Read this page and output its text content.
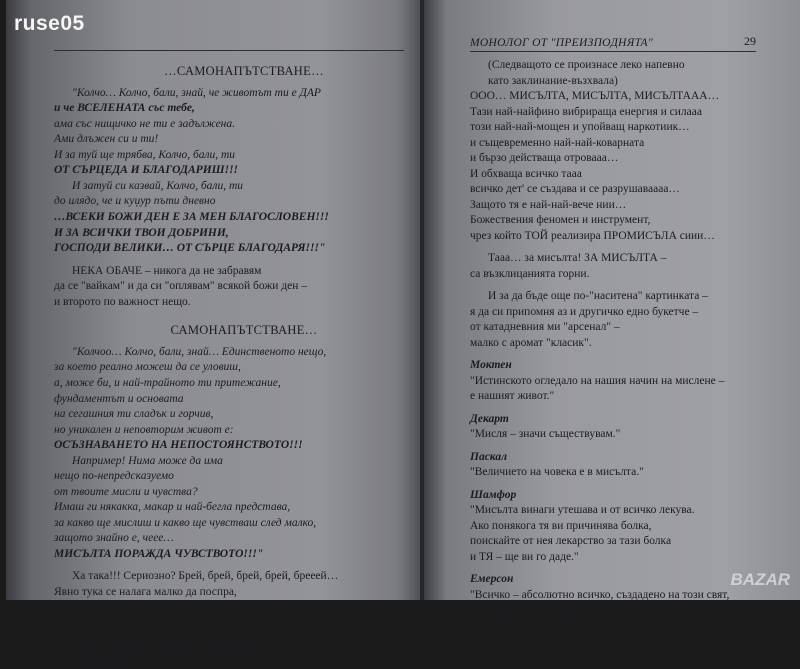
…САМОНАПЪТСТВАНЕ…

"Колчо… Колчо, бали, знай, че животът ти е ДАР

и че ВСЕЛЕНАТА със тебе,

ама със нищичко не ти е задължена.

Ами длъжен си и ти!

И за туй ще трябва, Колчо, бали, ти

ОТ СЪРЦЕДА И БЛАГОДАРИШ!!!

И затуй си казвай, Колчо, бали, ти

до илядо, че и куџур пъти дневно

…ВСЕКИ БОЖИ ДЕН Е ЗА МЕН БЛАГОСЛОВЕН!!!

И ЗА ВСИЧКИ ТВОИ ДОБРИНИ,

ГОСПОДИ ВЕЛИКИ… ОТ СЪРЦЕ БЛАГОДАРЯ!!!"

НЕКА ОБАЧЕ – никога да не забравям

да се "вайкам" и да си "оплявам" всякой божи ден –

и второто по важност нещо.

САМОНАПЪТСТВАНЕ…

"Колчоо… Колчо, бали, знай… Единственото нещо,

за което реално можеш да се уловиш,

а, може би, и най-трайното ти притежание,

фундаментът и основата

на сегашния ти сладък и горчив,

но уникален и неповторим живот е:

ОСЪЗНАВАНЕТО НА НЕПОСТОЯНСТВОТО!!!

Например! Нима може да има

нещо по-непредсказуемо

от твоите мисли и чувства?

Имаш ги някакка, макар и най-бегла представа,

за какво ще мислиш и какво ще чувстваш след малко,

защото знайно е, чеее…

МИСЪЛТА ПОРАЖДА ЧУВСТВОТО!!!"

Ха така!!! Сериозно? Брей, брей, брей, брей, брееей…

Явно тука се налага малко да поспра,

да се погледам, да се послушам, да се поосвестя

и чак тогаз да продълажа!!! (Не много голяма пауза)

Дааа… за мисълта ще бъде приказката!

ЗА МИСЪЛТА!!!

МОНОЛОГ ОТ "ПРЕИЗПОДНЯТА"	29

(Следващото се произнасе леко напевно

като заклинание-възхвала)

ООО… МИСЪЛТА, МИСЪЛТА, МИСЪЛТААА…

Тази най-найфино вибрираща енергия и силааа

този най-най-мощен и упойващ наркотиик…

и същевременно най-най-коварната

и бързо действаща отровааа…

И обхваща всичко тааа

всичко дет' се създава и се разрушаваааа…

Защото тя е най-най-вече нии…

Божествения феномен и инструмент,

чрез който ТОЙ реализира ПРОМИСЪЛА сиии…

Тааа… за мисълта! ЗА МИСЪЛТА –

са възклицанията горни.

И за да бъде още по-"наситена" картинката –

я да си припомня аз и другичко едно букетче –

от катадневния ми "арсенал" –

малко с аромат "класик".

Моктен

"Истинското огледало на нашия начин на мислене –

е нашият живот."

Декарт

"Мисля – значи съществувам."

Паскал

"Величието на човека е в мисълта."

Шамфор

"Мисълта винаги утешава и от всичко лекува.

Ако понякога тя ви причинява болка,

поискайте от нея лекарство за тази болка

и ТЯ – ще ви го даде."

Емерсон

"Всичко – абсолютно всичко, създадено на този свят,

в началото е било мисъл

в главата на един отделен човек."

ruse05
BAZAR
